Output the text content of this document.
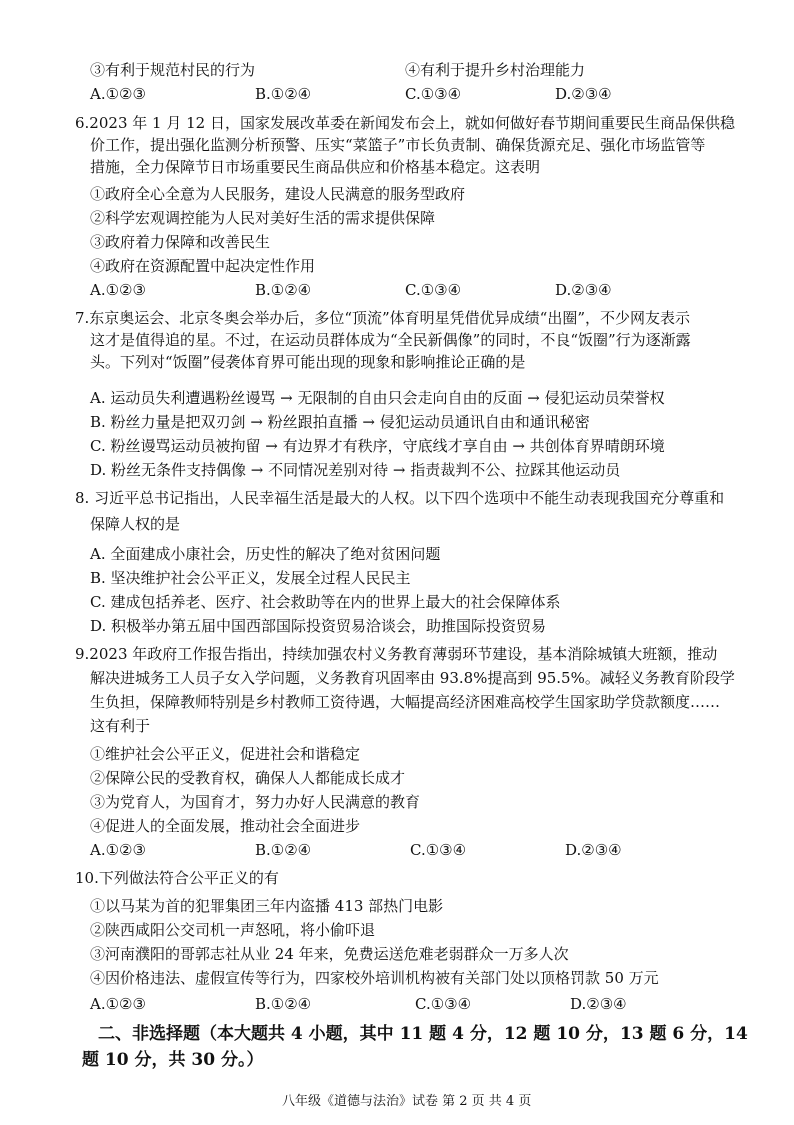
③有利于规范村民的行为	④有利于提升乡村治理能力
A.①②③	B.①②④	C.①③④	D.②③④
6.2023 年 1 月 12 日，国家发展改革委在新闻发布会上，就如何做好春节期间重要民生商品保供稳
价工作，提出强化监测分析预警、压实“菜篮子”市长负责制、确保货源充足、强化市场监管等
措施，全力保障节日市场重要民生商品供应和价格基本稳定。这表明
①政府全心全意为人民服务，建设人民满意的服务型政府
②科学宏观调控能为人民对美好生活的需求提供保障
③政府着力保障和改善民生
④政府在资源配置中起决定性作用
A.①②③	B.①②④	C.①③④	D.②③④
7.东京奥运会、北京冬奥会举办后，多位“顶流”体育明星凭借优异成绩“出圈”，不少网友表示
这才是值得追的星。不过，在运动员群体成为“全民新偶像”的同时，不良“饭圈”行为逐渐露
头。下列对“饭圈”侵袭体育界可能出现的现象和影响推论正确的是
A. 运动员失利遭遇粉丝谩骂 → 无限制的自由只会走向自由的反面 → 侵犯运动员荣誉权
B. 粉丝力量是把双刃剑 → 粉丝跟拍直播 → 侵犯运动员通讯自由和通讯秘密
C. 粉丝谩骂运动员被拘留 → 有边界才有秩序，守底线才享自由 → 共创体育界晴朗环境
D. 粉丝无条件支持偶像 → 不同情况差别对待 → 指责裁判不公、拉踩其他运动员
8. 习近平总书记指出，人民幸福生活是最大的人权。以下四个选项中不能生动表现我国充分尊重和
保障人权的是
A. 全面建成小康社会，历史性的解决了绝对贫困问题
B. 坚决维护社会公平正义，发展全过程人民民主
C. 建成包括养老、医疗、社会救助等在内的世界上最大的社会保障体系
D. 积极举办第五届中国西部国际投资贸易洽谈会，助推国际投资贸易
9.2023 年政府工作报告指出，持续加强农村义务教育薄弱环节建设，基本消除城镇大班额，推动
解决进城务工人员子女入学问题，义务教育巩固率由 93.8%提高到 95.5%。减轻义务教育阶段学
生负担，保障教师特别是乡村教师工资待遇，大幅提高经济困难高校学生国家助学贷款额度……
这有利于
①维护社会公平正义，促进社会和谐稳定
②保障公民的受教育权，确保人人都能成长成才
③为党育人，为国育才，努力办好人民满意的教育
④促进人的全面发展，推动社会全面进步
A.①②③	B.①②④	C.①③④	D.②③④
10.下列做法符合公平正义的有
①以马某为首的犯罪集团三年内盗播 413 部热门电影
②陕西咸阳公交司机一声怒吼，将小偷吓退
③河南濮阳的哥郭志社从业 24 年来，免费运送危难老弱群众一万多人次
④因价格违法、虚假宣传等行为，四家校外培训机构被有关部门处以顶格罚款 50 万元
A.①②③	B.①②④	C.①③④	D.②③④
二、非选择题（本大题共 4 小题，其中 11 题 4 分，12 题 10 分，13 题 6 分，14
题 10 分，共 30 分。）
八年级《道德与法治》试卷 第 2 页 共 4 页
